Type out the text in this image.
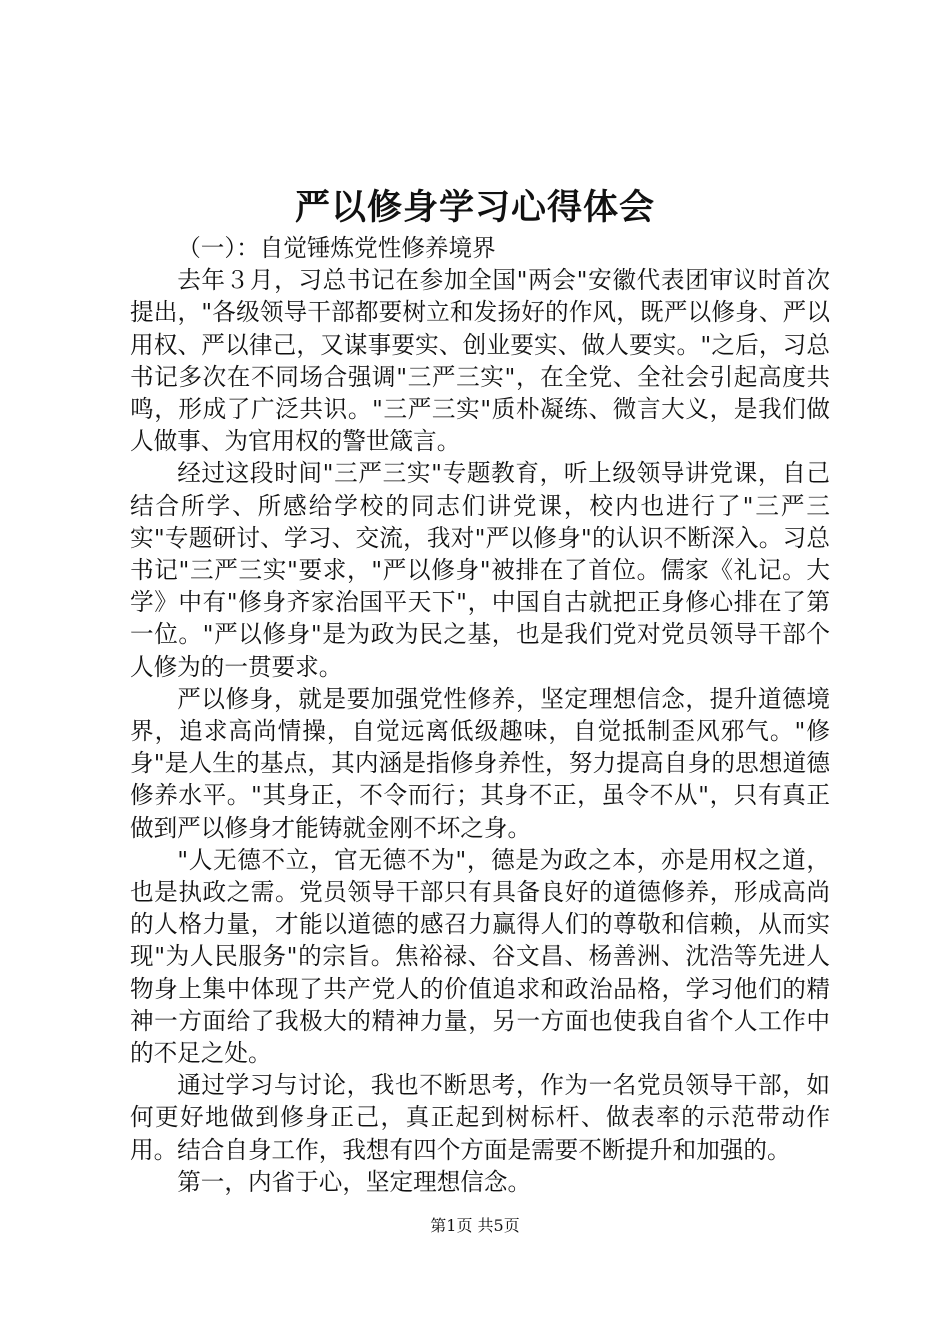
严以修身学习心得体会

（一）：自觉锤炼党性修养境界

去年３月，习总书记在参加全国"两会"安徽代表团审议时首次提出，"各级领导干部都要树立和发扬好的作风，既严以修身、严以用权、严以律己，又谋事要实、创业要实、做人要实。"之后，习总书记多次在不同场合强调"三严三实"，在全党、全社会引起高度共鸣，形成了广泛共识。"三严三实"质朴凝练、微言大义，是我们做人做事、为官用权的警世箴言。

经过这段时间"三严三实"专题教育，听上级领导讲党课，自己结合所学、所感给学校的同志们讲党课，校内也进行了"三严三实"专题研讨、学习、交流，我对"严以修身"的认识不断深入。习总书记"三严三实"要求，"严以修身"被排在了首位。儒家《礼记。大学》中有"修身齐家治国平天下"，中国自古就把正身修心排在了第一位。"严以修身"是为政为民之基，也是我们党对党员领导干部个人修为的一贯要求。

严以修身，就是要加强党性修养，坚定理想信念，提升道德境界，追求高尚情操，自觉远离低级趣味，自觉抵制歪风邪气。"修身"是人生的基点，其内涵是指修身养性，努力提高自身的思想道德修养水平。"其身正，不令而行；其身不正，虽令不从"，只有真正做到严以修身才能铸就金刚不坏之身。

"人无德不立，官无德不为"，德是为政之本，亦是用权之道，也是执政之需。党员领导干部只有具备良好的道德修养，形成高尚的人格力量，才能以道德的感召力赢得人们的尊敬和信赖，从而实现"为人民服务"的宗旨。焦裕禄、谷文昌、杨善洲、沈浩等先进人物身上集中体现了共产党人的价值追求和政治品格，学习他们的精神一方面给了我极大的精神力量，另一方面也使我自省个人工作中的不足之处。

通过学习与讨论，我也不断思考，作为一名党员领导干部，如何更好地做到修身正己，真正起到树标杆、做表率的示范带动作用。结合自身工作，我想有四个方面是需要不断提升和加强的。

第一，内省于心，坚定理想信念。

第1页 共5页
